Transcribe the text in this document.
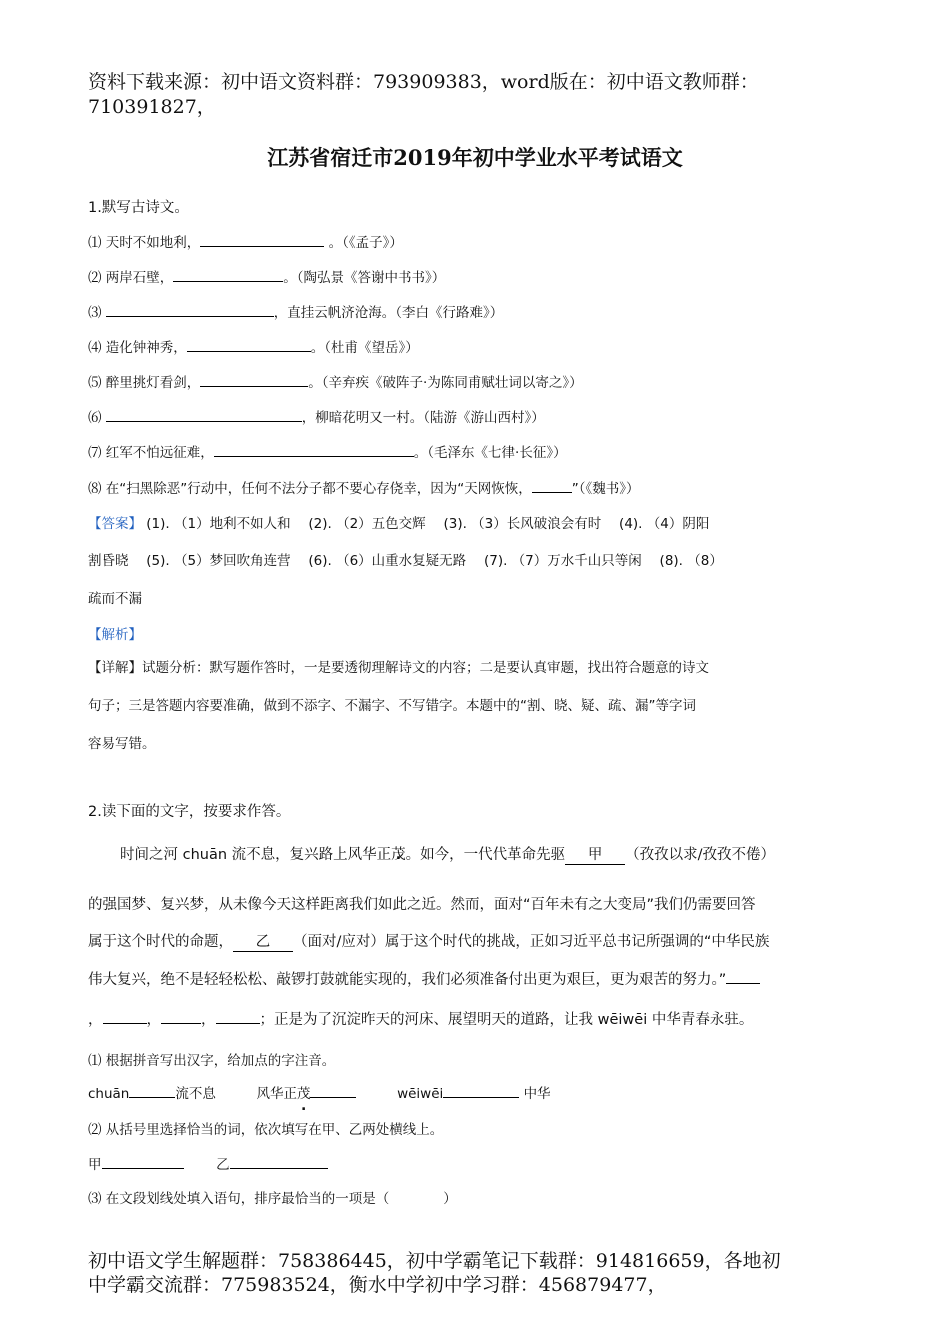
资料下载来源：初中语文资料群：793909383，word版在：初中语文教师群：
710391827，
江苏省宿迁市2019年初中学业水平考试语文
1.默写古诗文。
⑴ 天时不如地利，	。（《孟子》）
⑵ 两岸石壁，	。（陶弘景《答谢中书书》）
⑶	，直挂云帆济沧海。（李白《行路难》）
⑷ 造化钟神秀，	。（杜甫《望岳》）
⑸ 醉里挑灯看剑，	。（辛弃疾《破阵子·为陈同甫赋壮词以寄之》）
⑹	，柳暗花明又一村。（陆游《游山西村》）
⑺ 红军不怕远征难，	。（毛泽东《七律·长征》）
⑻ 在“扫黑除恶”行动中，任何不法分子都不要心存侥幸，因为“天网恢恢，	”（《魏书》）
【答案】 (1). （1）地利不如人和　 (2). （2）五色交辉　 (3). （3）长风破浪会有时　 (4). （4）阴阳
割昏晓　 (5). （5）梦回吹角连营　 (6). （6）山重水复疑无路　 (7). （7）万水千山只等闲　 (8). （8）
疏而不漏
【解析】
【详解】试题分析：默写题作答时，一是要透彻理解诗文的内容；二是要认真审题，找出符合题意的诗文
句子；三是答题内容要准确，做到不添字、不漏字、不写错字。本题中的“割、晓、疑、疏、漏”等字词
容易写错。
2.读下面的文字，按要求作答。
时间之河 chuān 流不息，复兴路上风华正茂 .。如今，一代代革命先驱 甲 （孜孜以求/孜孜不倦）
的强国梦、复兴梦，从未像今天这样距离我们如此之近。然而，面对“百年未有之大变局”我们仍需要回答
属于这个时代的命题， 乙 （面对/应对）属于这个时代的挑战，正如习近平总书记所强调的“中华民族
伟大复兴，绝不是轻轻松松、敲锣打鼓就能实现的，我们必须准备付出更为艰巨，更为艰苦的努力。”
，	，	，	；正是为了沉淀昨天的河床、展望明天的道路，让我 wēiwēi 中华青春永驻。
⑴ 根据拼音写出汉字，给加点的字注音。
chuān	流不息	风华正茂	wēiwēi	中华
⑵ 从括号里选择恰当的词，依次填写在甲、乙两处横线上。
甲	乙
⑶ 在文段划线处填入语句，排序最恰当的一项是（　　　　）
初中语文学生解题群：758386445，初中学霸笔记下载群：914816659，各地初
中学霸交流群：775983524，衡水中学初中学习群：456879477，
